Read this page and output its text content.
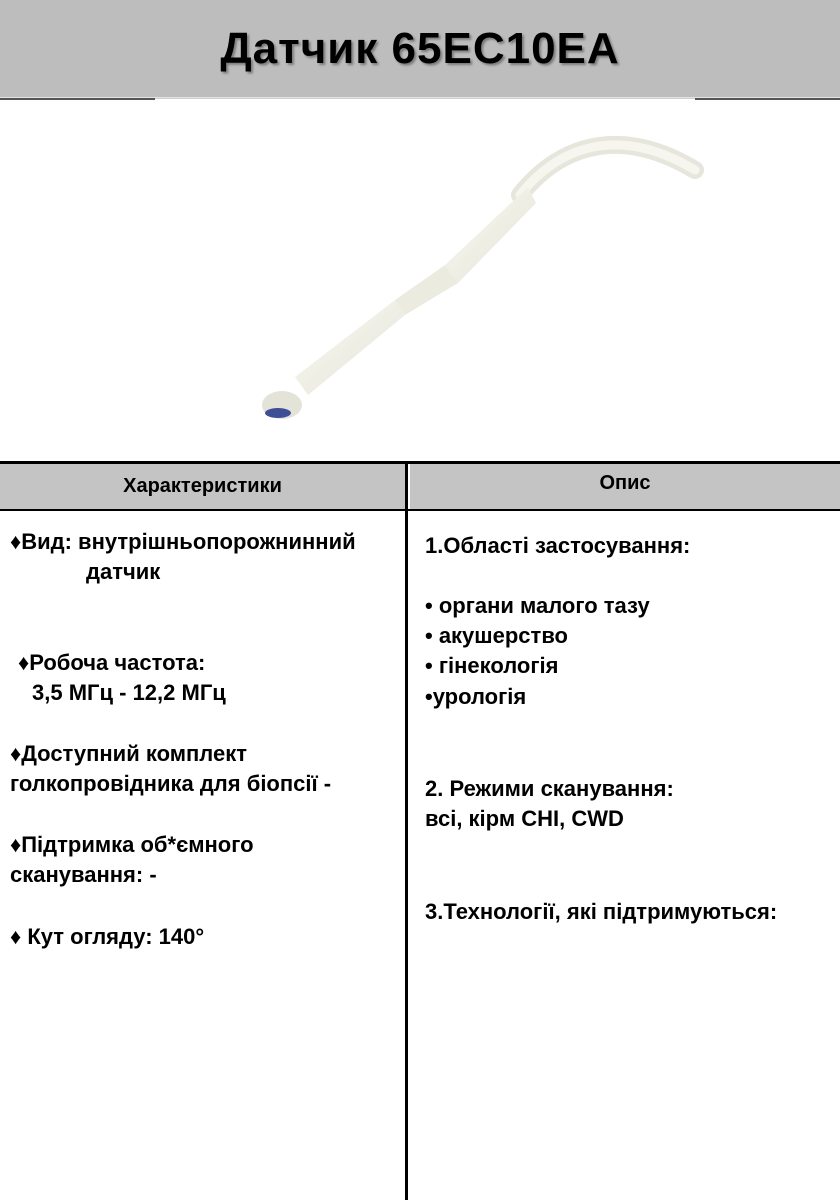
Датчик 65EC10EA
Характеристики	Опис
♦Вид: внутрішньопорожнинний
датчик
♦Робоча частота:
3,5 МГц - 12,2 МГц
♦Доступний комплект
голкопровідника для біопсії -
♦Підтримка об*ємного
сканування: -
♦ Кут огляду: 140°
1.Області застосування:
• органи малого тазу
• акушерство
• гінекологія
•урологія
2. Режими сканування:
всі, кірм CHI, CWD
3.Технології, які підтримуються:
